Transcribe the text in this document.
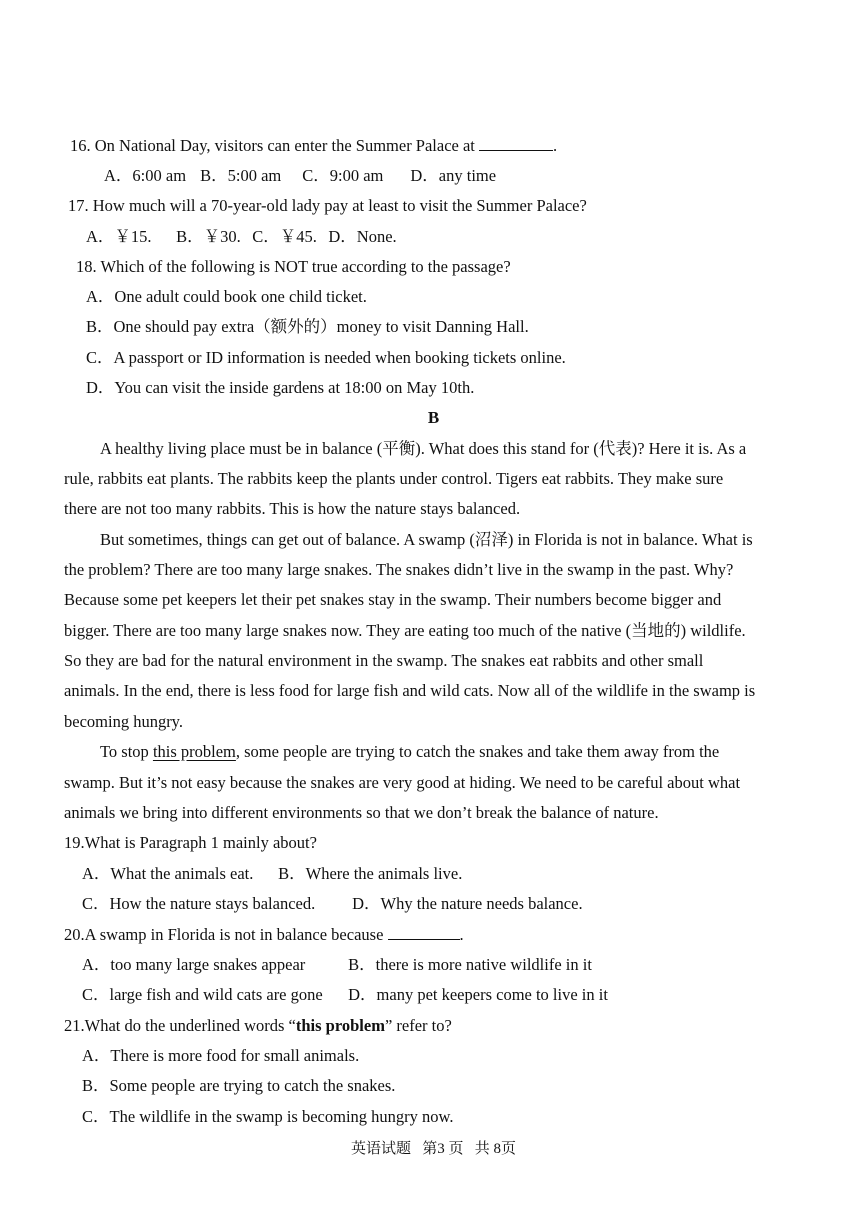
16. On National Day, visitors can enter the Summer Palace at	.
A．6:00 am B．5:00 am C．9:00 am D．any time
17. How much will a 70-year-old lady pay at least to visit the Summer Palace?
A．￥15. B．￥30. C．￥45. D．None.
18. Which of the following is NOT true according to the passage?
A．One adult could book one child ticket.
B．One should pay extra（额外的）money to visit Danning Hall.
C．A passport or ID information is needed when booking tickets online.
D．You can visit the inside gardens at 18:00 on May 10th.
B
A healthy living place must be in balance (平衡). What does this stand for (代表)? Here it is. As a
rule, rabbits eat plants. The rabbits keep the plants under control. Tigers eat rabbits. They make sure
there are not too many rabbits. This is how the nature stays balanced.
But sometimes, things can get out of balance. A swamp (沼泽) in Florida is not in balance. What is
the problem? There are too many large snakes. The snakes didn’t live in the swamp in the past. Why?
Because some pet keepers let their pet snakes stay in the swamp. Their numbers become bigger and
bigger. There are too many large snakes now. They are eating too much of the native (当地的) wildlife.
So they are bad for the natural environment in the swamp. The snakes eat rabbits and other small
animals. In the end, there is less food for large fish and wild cats. Now all of the wildlife in the swamp is
becoming hungry.
To stop this problem, some people are trying to catch the snakes and take them away from the
swamp. But it’s not easy because the snakes are very good at hiding. We need to be careful about what
animals we bring into different environments so that we don’t break the balance of nature.
19.What is Paragraph 1 mainly about?
A．What the animals eat. B．Where the animals live.
C．How the nature stays balanced. D．Why the nature needs balance.
20.A swamp in Florida is not in balance because	.
A．too many large snakes appear	B．there is more native wildlife in it
C．large fish and wild cats are gone D．many pet keepers come to live in it
21.What do the underlined words “this problem” refer to?
A．There is more food for small animals.
B．Some people are trying to catch the snakes.
C．The wildlife in the swamp is becoming hungry now.
英语试题   第3 页   共 8页
